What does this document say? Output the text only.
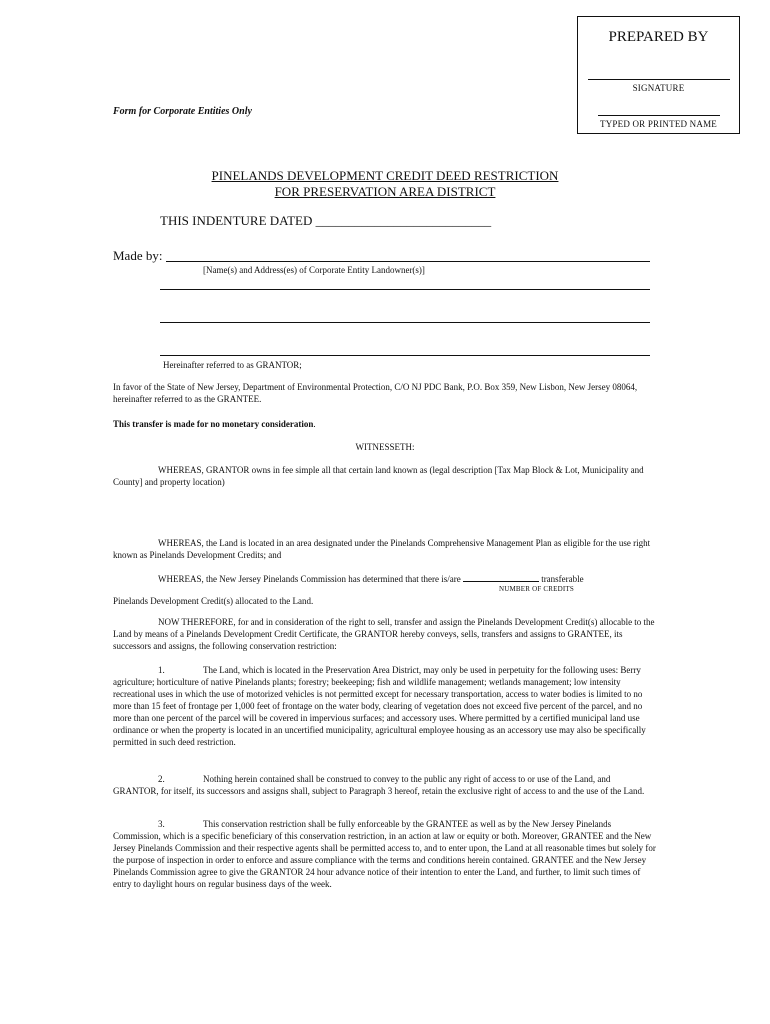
PREPARED BY
SIGNATURE
TYPED OR PRINTED NAME
Form for Corporate Entities Only
PINELANDS DEVELOPMENT CREDIT DEED RESTRICTION
FOR PRESERVATION AREA DISTRICT
THIS INDENTURE DATED ___________________________
Made by:
[Name(s) and Address(es) of Corporate Entity Landowner(s)]
Hereinafter referred to as GRANTOR;
In favor of the State of New Jersey, Department of Environmental Protection, C/O NJ PDC Bank, P.O. Box 359, New Lisbon, New Jersey 08064, hereinafter referred to as the GRANTEE.
This transfer is made for no monetary consideration.
WITNESSETH:
WHEREAS, GRANTOR owns in fee simple all that certain land known as (legal description [Tax Map Block & Lot, Municipality and County] and property location)
WHEREAS, the Land is located in an area designated under the Pinelands Comprehensive Management Plan as eligible for the use right known as Pinelands Development Credits; and
WHEREAS, the New Jersey Pinelands Commission has determined that there is/are	transferable
NUMBER OF CREDITS
Pinelands Development Credit(s) allocated to the Land.
NOW THEREFORE, for and in consideration of the right to sell, transfer and assign the Pinelands Development Credit(s) allocable to the Land by means of a Pinelands Development Credit Certificate, the GRANTOR hereby conveys, sells, transfers and assigns to GRANTEE, its successors and assigns, the following conservation restriction:
1.	The Land, which is located in the Preservation Area District, may only be used in perpetuity for the following uses: Berry agriculture; horticulture of native Pinelands plants; forestry; beekeeping; fish and wildlife management; wetlands management; low intensity recreational uses in which the use of motorized vehicles is not permitted except for necessary transportation, access to water bodies is limited to no more than 15 feet of frontage per 1,000 feet of frontage on the water body, clearing of vegetation does not exceed five percent of the parcel, and no more than one percent of the parcel will be covered in impervious surfaces; and accessory uses. Where permitted by a certified municipal land use ordinance or when the property is located in an uncertified municipality, agricultural employee housing as an accessory use may also be specifically permitted in such deed restriction.
2.	Nothing herein contained shall be construed to convey to the public any right of access to or use of the Land, and GRANTOR, for itself, its successors and assigns shall, subject to Paragraph 3 hereof, retain the exclusive right of access to and the use of the Land.
3.	This conservation restriction shall be fully enforceable by the GRANTEE as well as by the New Jersey Pinelands Commission, which is a specific beneficiary of this conservation restriction, in an action at law or equity or both. Moreover, GRANTEE and the New Jersey Pinelands Commission and their respective agents shall be permitted access to, and to enter upon, the Land at all reasonable times but solely for the purpose of inspection in order to enforce and assure compliance with the terms and conditions herein contained. GRANTEE and the New Jersey Pinelands Commission agree to give the GRANTOR 24 hour advance notice of their intention to enter the Land, and further, to limit such times of entry to daylight hours on regular business days of the week.
